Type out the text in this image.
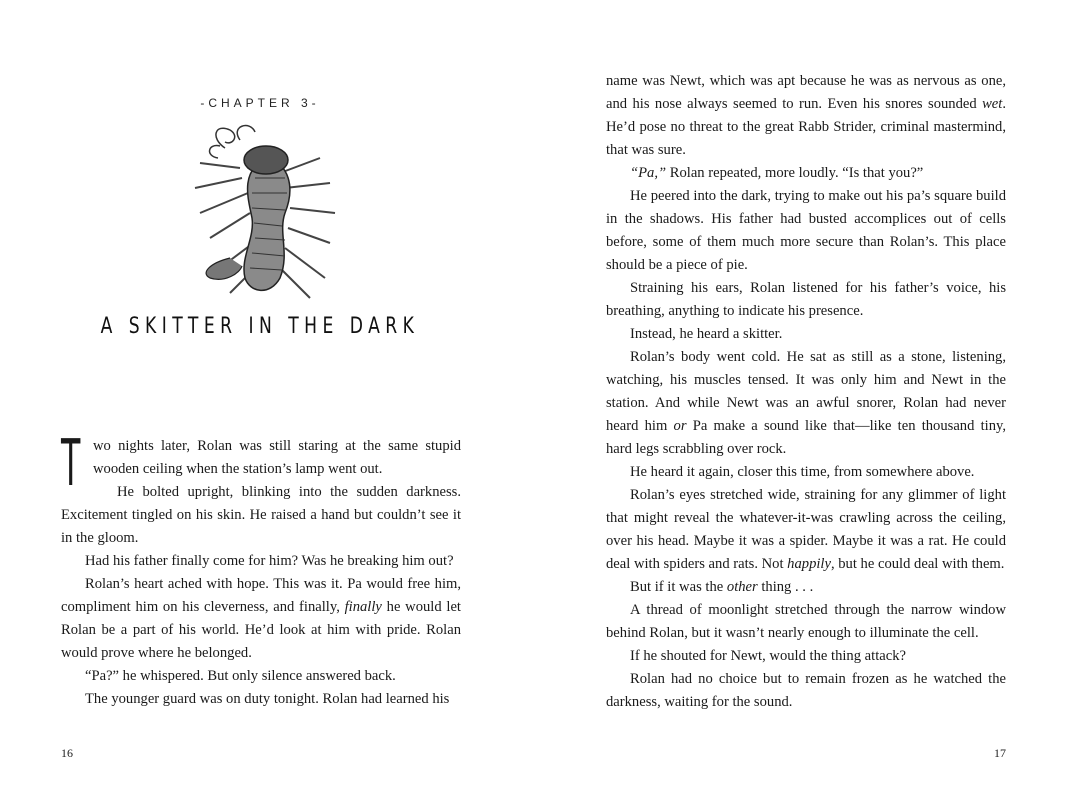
-CHAPTER 3-
A SKITTER IN THE DARK

Two nights later, Rolan was still staring at the same stupid wooden ceiling when the station’s lamp went out.

He bolted upright, blinking into the sudden darkness. Excitement tingled on his skin. He raised a hand but couldn’t see it in the gloom.

Had his father finally come for him? Was he breaking him out?

Rolan’s heart ached with hope. This was it. Pa would free him, compliment him on his cleverness, and finally, finally he would let Rolan be a part of his world. He’d look at him with pride. Rolan would prove where he belonged.

“Pa?” he whispered. But only silence answered back.

The younger guard was on duty tonight. Rolan had learned his

16

name was Newt, which was apt because he was as nervous as one, and his nose always seemed to run. Even his snores sounded wet. He’d pose no threat to the great Rabb Strider, criminal mastermind, that was sure.

“Pa,” Rolan repeated, more loudly. “Is that you?”

He peered into the dark, trying to make out his pa’s square build in the shadows. His father had busted accomplices out of cells before, some of them much more secure than Rolan’s. This place should be a piece of pie.

Straining his ears, Rolan listened for his father’s voice, his breathing, anything to indicate his presence.

Instead, he heard a skitter.

Rolan’s body went cold. He sat as still as a stone, listening, watching, his muscles tensed. It was only him and Newt in the station. And while Newt was an awful snorer, Rolan had never heard him or Pa make a sound like that—like ten thousand tiny, hard legs scrabbling over rock.

He heard it again, closer this time, from somewhere above.

Rolan’s eyes stretched wide, straining for any glimmer of light that might reveal the whatever-it-was crawling across the ceiling, over his head. Maybe it was a spider. Maybe it was a rat. He could deal with spiders and rats. Not happily, but he could deal with them.

But if it was the other thing . . .

A thread of moonlight stretched through the narrow window behind Rolan, but it wasn’t nearly enough to illuminate the cell.

If he shouted for Newt, would the thing attack?

Rolan had no choice but to remain frozen as he watched the darkness, waiting for the sound.

17
